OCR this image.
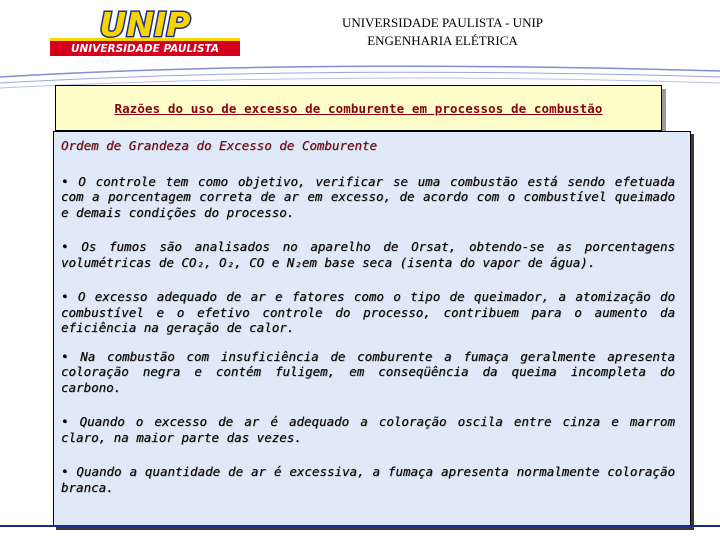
UNIP
UNIVERSIDADE PAULISTA
UNIVERSIDADE PAULISTA - UNIP
ENGENHARIA ELÉTRICA
Razões do uso de excesso de comburente em processos de combustão
Ordem de Grandeza do Excesso de Comburente

• O controle tem como objetivo, verificar se uma combustão está sendo efetuada com a porcentagem correta de ar em excesso, de acordo com o combustível queimado e demais condições do processo.

• Os fumos são analisados no aparelho de Orsat, obtendo-se as porcentagens volumétricas de CO₂, O₂, CO e N₂em base seca (isenta do vapor de água).

• O excesso adequado de ar e fatores como o tipo de queimador, a atomização do combustível e o efetivo controle do processo, contribuem para o aumento da eficiência na geração de calor.

• Na combustão com insuficiência de comburente a fumaça geralmente apresenta coloração negra e contém fuligem, em conseqüência da queima incompleta do carbono.

• Quando o excesso de ar é adequado a coloração oscila entre cinza e marrom claro, na maior parte das vezes.

• Quando a quantidade de ar é excessiva, a fumaça apresenta normalmente coloração branca.
